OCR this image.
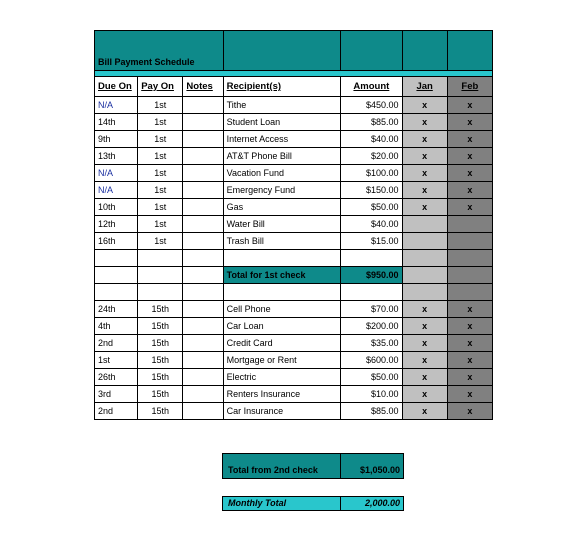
Bill Payment Schedule						

Due On	Pay On	Notes	Recipient(s)	Amount	Jan	Feb
N/A	1st		Tithe	$450.00	x	x
14th	1st		Student Loan	$85.00	x	x
9th	1st		Internet Access	$40.00	x	x
13th	1st		AT&T Phone Bill	$20.00	x	x
N/A	1st		Vacation Fund	$100.00	x	x
N/A	1st		Emergency Fund	$150.00	x	x
10th	1st		Gas	$50.00	x	x
12th	1st		Water Bill	$40.00		
16th	1st		Trash Bill	$15.00		

			Total for 1st check	$950.00		

24th	15th		Cell Phone	$70.00	x	x
4th	15th		Car Loan	$200.00	x	x
2nd	15th		Credit Card	$35.00	x	x
1st	15th		Mortgage or Rent	$600.00	x	x
26th	15th		Electric	$50.00	x	x
3rd	15th		Renters Insurance	$10.00	x	x
2nd	15th		Car Insurance	$85.00	x	x
Total from 2nd check	$1,050.00
Monthly Total	2,000.00
